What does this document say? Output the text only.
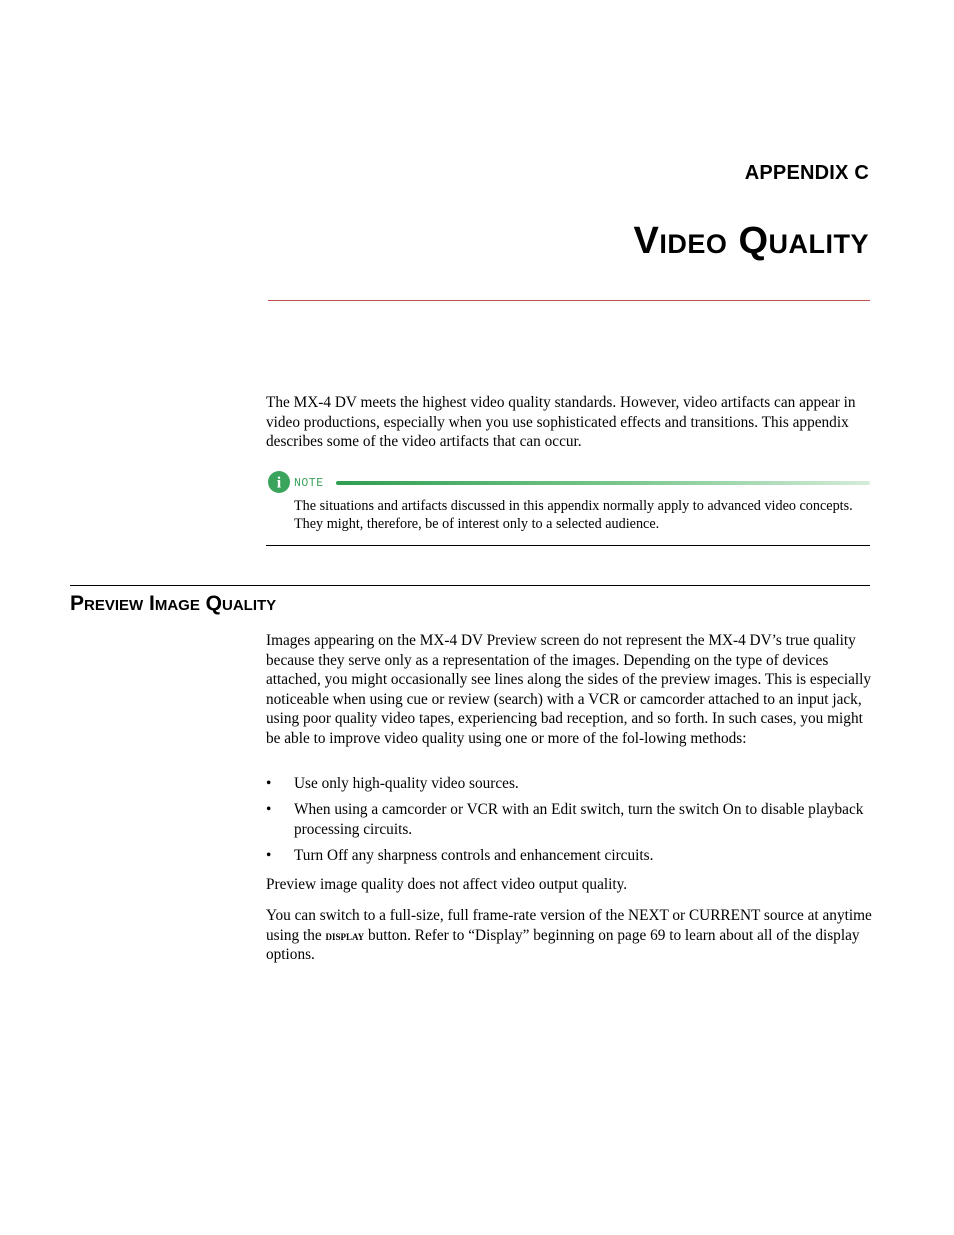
APPENDIX C
Video Quality

The MX-4 DV meets the highest video quality standards. However, video artifacts can appear in video productions, especially when you use sophisticated effects and transitions. This appendix describes some of the video artifacts that can occur.

i NOTE

The situations and artifacts discussed in this appendix normally apply to advanced video concepts. They might, therefore, be of interest only to a selected audience.

Preview Image Quality

Images appearing on the MX-4 DV Preview screen do not represent the MX-4 DV’s true quality because they serve only as a representation of the images. Depending on the type of devices attached, you might occasionally see lines along the sides of the preview images. This is especially noticeable when using cue or review (search) with a VCR or camcorder attached to an input jack, using poor quality video tapes, experiencing bad reception, and so forth. In such cases, you might be able to improve video quality using one or more of the fol-lowing methods:

• Use only high-quality video sources.
• When using a camcorder or VCR with an Edit switch, turn the switch On to disable playback processing circuits.
• Turn Off any sharpness controls and enhancement circuits.

Preview image quality does not affect video output quality.

You can switch to a full-size, full frame-rate version of the NEXT or CURRENT source at anytime using the display button. Refer to “Display” beginning on page 69 to learn about all of the display options.
